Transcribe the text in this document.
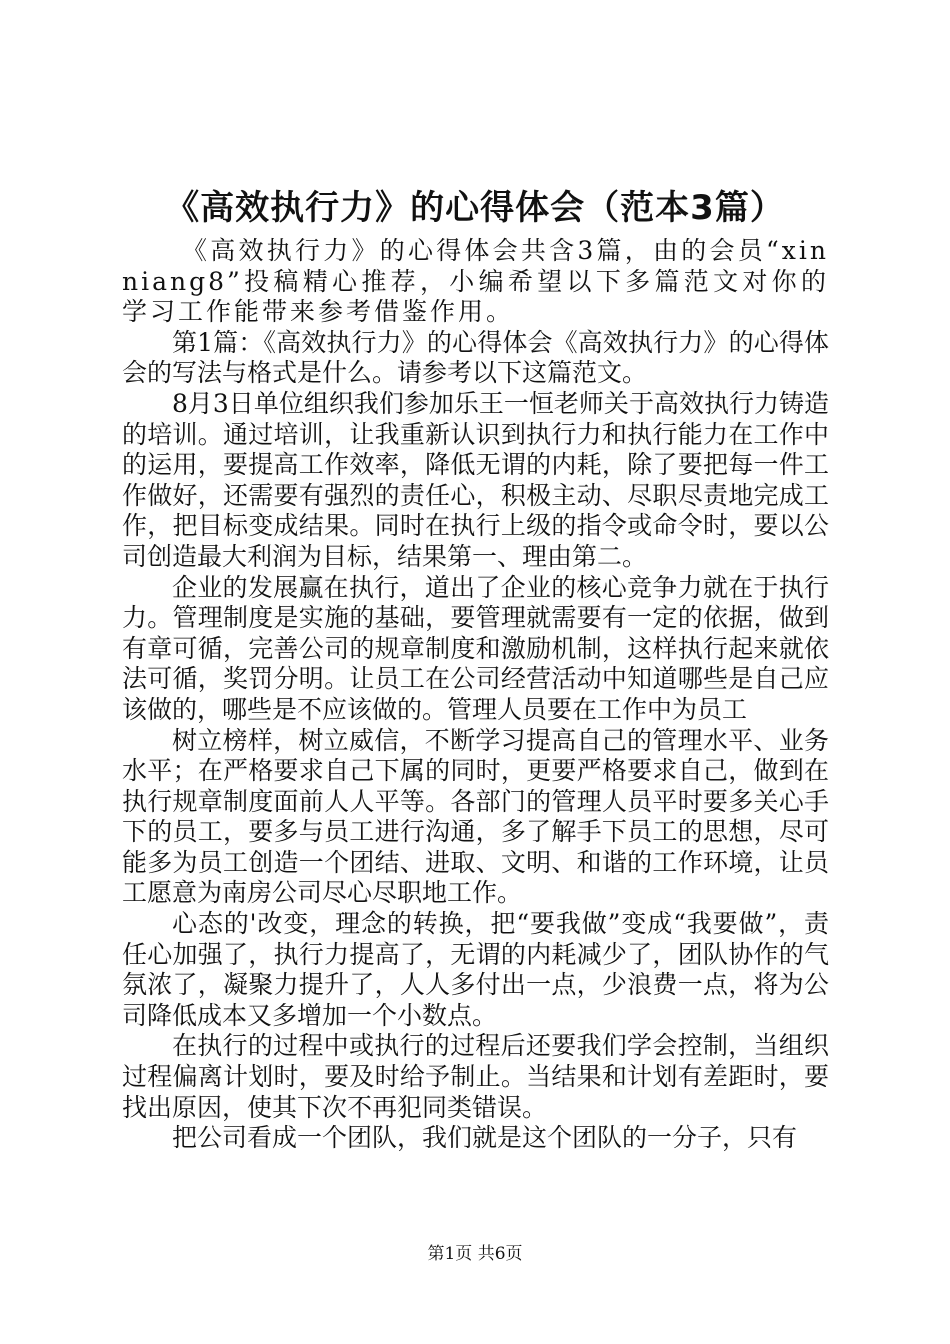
《高效执行力》的心得体会（范本3篇）

《高效执行力》的心得体会共含3篇，由的会员“xinniang8”投稿精心推荐，小编希望以下多篇范文对你的学习工作能带来参考借鉴作用。

第1篇：《高效执行力》的心得体会《高效执行力》的心得体会的写法与格式是什么。请参考以下这篇范文。

8月3日单位组织我们参加乐王一恒老师关于高效执行力铸造的培训。通过培训，让我重新认识到执行力和执行能力在工作中的运用，要提高工作效率，降低无谓的内耗，除了要把每一件工作做好，还需要有强烈的责任心，积极主动、尽职尽责地完成工作，把目标变成结果。同时在执行上级的指令或命令时，要以公司创造最大利润为目标，结果第一、理由第二。

企业的发展赢在执行，道出了企业的核心竞争力就在于执行力。管理制度是实施的基础，要管理就需要有一定的依据，做到有章可循，完善公司的规章制度和激励机制，这样执行起来就依法可循，奖罚分明。让员工在公司经营活动中知道哪些是自己应该做的，哪些是不应该做的。管理人员要在工作中为员工

树立榜样，树立威信，不断学习提高自己的管理水平、业务水平；在严格要求自己下属的同时，更要严格要求自己，做到在执行规章制度面前人人平等。各部门的管理人员平时要多关心手下的员工，要多与员工进行沟通，多了解手下员工的思想，尽可能多为员工创造一个团结、进取、文明、和谐的工作环境，让员工愿意为南房公司尽心尽职地工作。

心态的'改变，理念的转换，把“要我做”变成“我要做”，责任心加强了，执行力提高了，无谓的内耗减少了，团队协作的气氛浓了，凝聚力提升了，人人多付出一点，少浪费一点，将为公司降低成本又多增加一个小数点。

在执行的过程中或执行的过程后还要我们学会控制，当组织过程偏离计划时，要及时给予制止。当结果和计划有差距时，要找出原因，使其下次不再犯同类错误。

把公司看成一个团队，我们就是这个团队的一分子，只有

第1页 共6页
